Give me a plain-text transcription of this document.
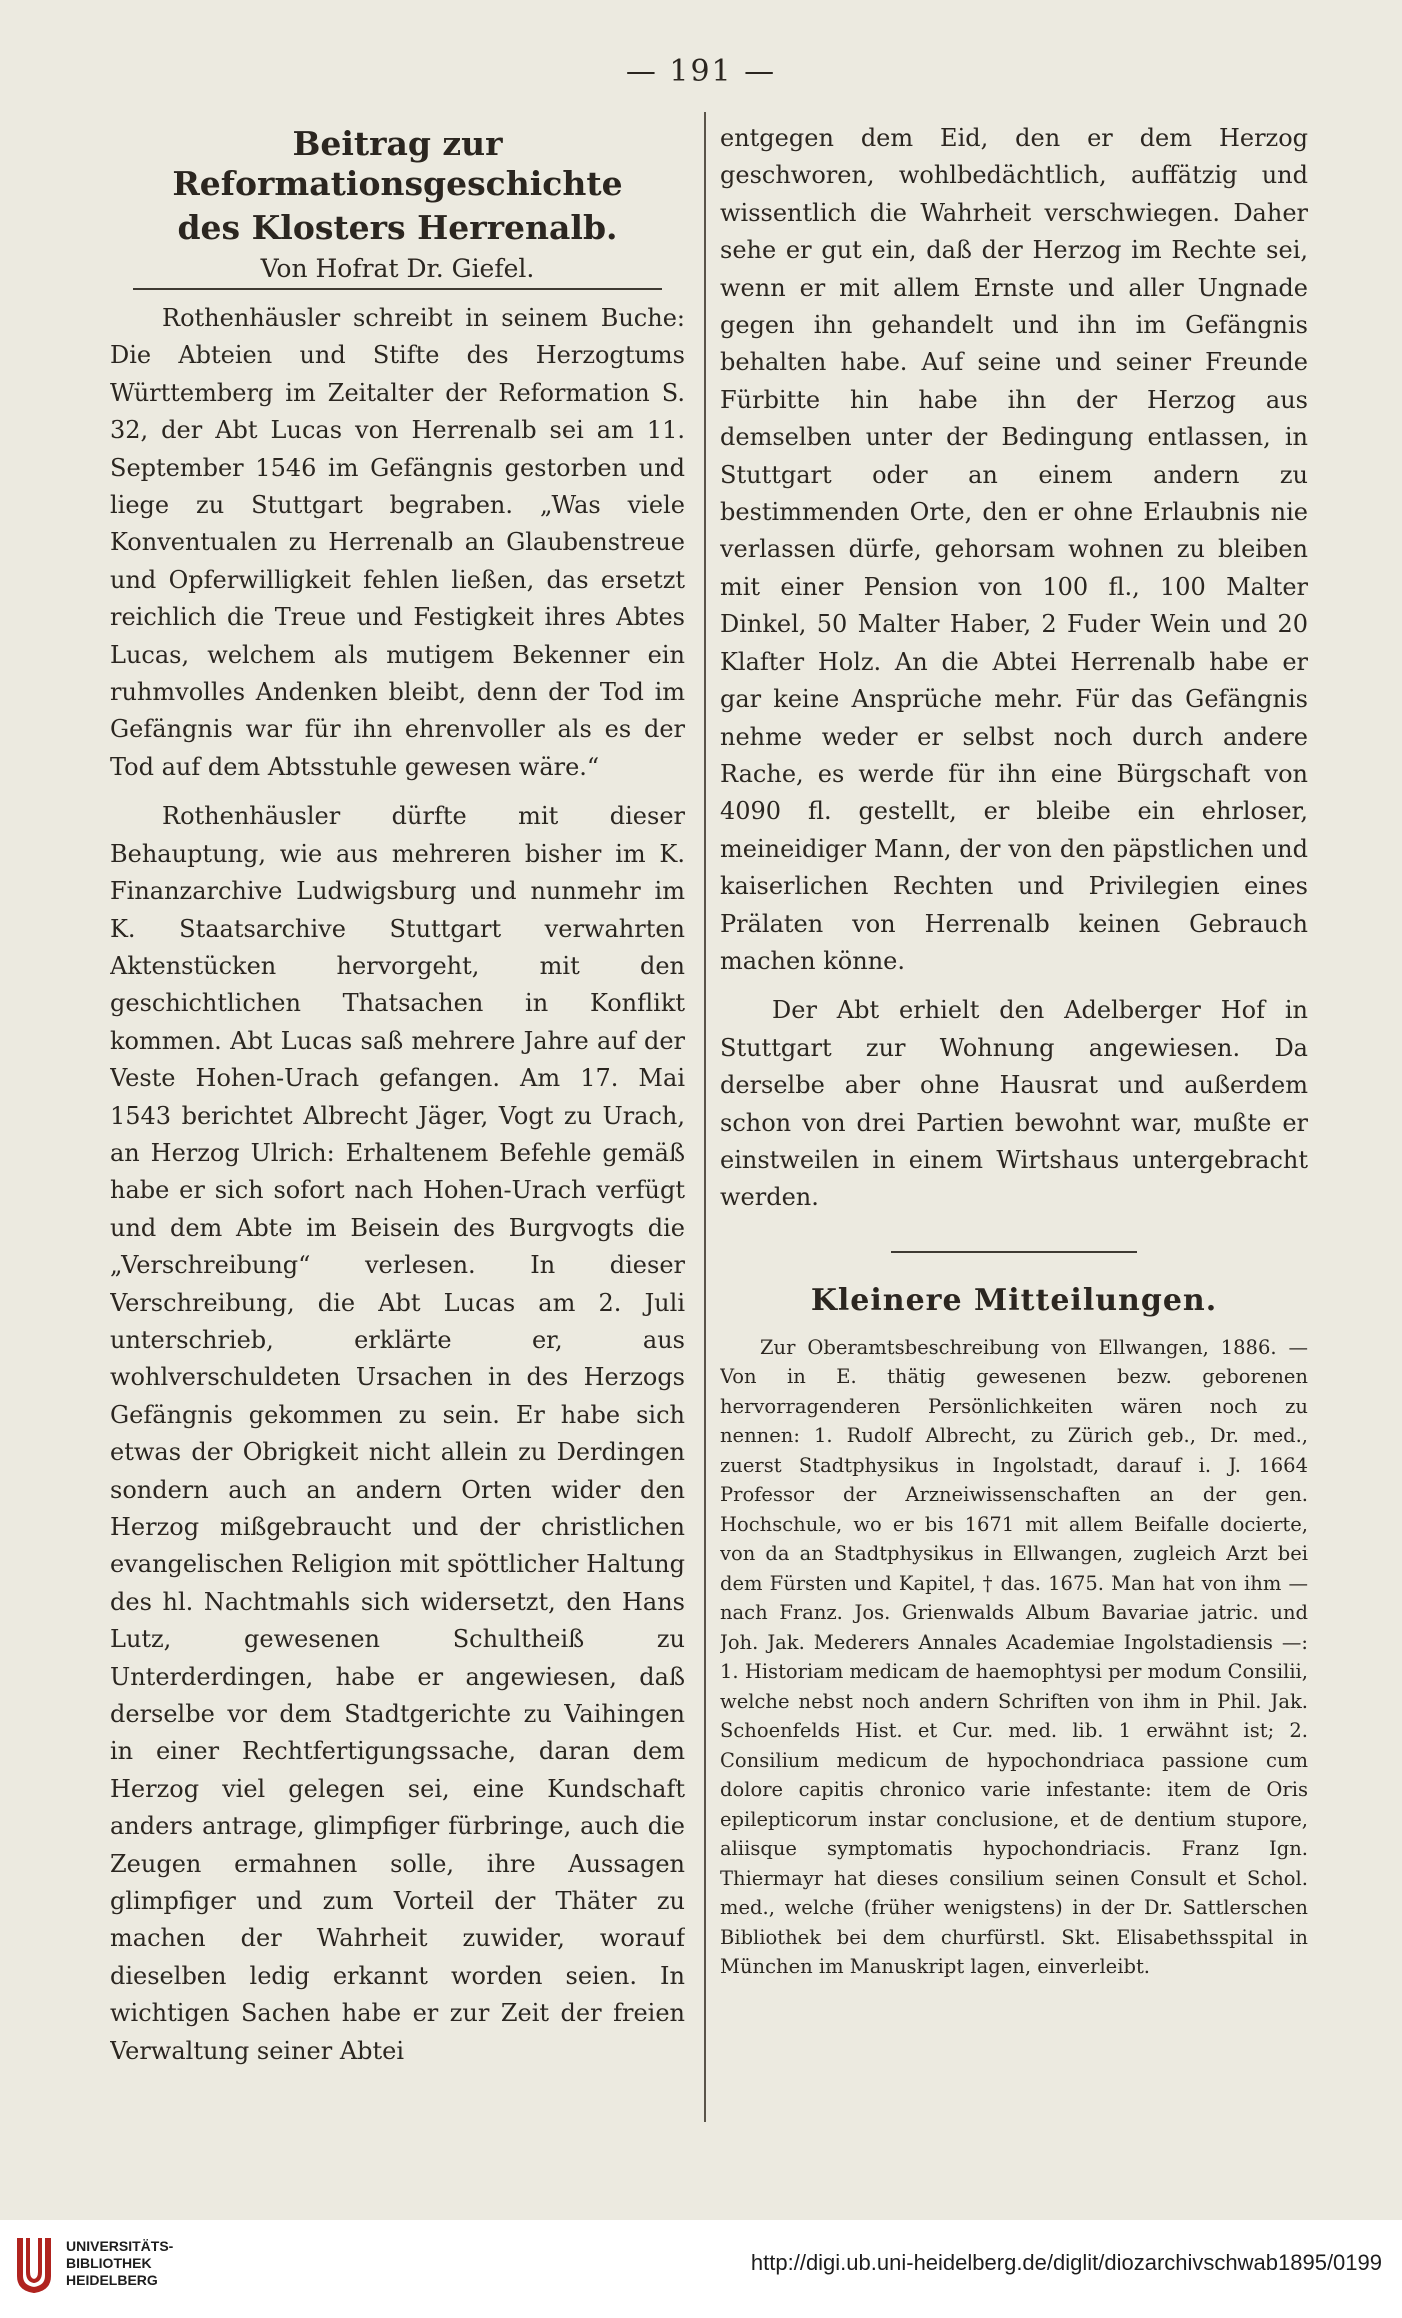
— 191 —
Beitrag zur Reformationsgeschichte
des Klosters Herrenalb.
Von Hofrat Dr. Giefel.

Rothenhäusler schreibt in seinem Buche: Die Abteien und Stifte des Herzogtums Württemberg im Zeitalter der Reformation S. 32, der Abt Lucas von Herrenalb sei am 11. September 1546 im Gefängnis gestorben und liege zu Stuttgart begraben. „Was viele Konventualen zu Herrenalb an Glaubenstreue und Opferwilligkeit fehlen ließen, das ersetzt reichlich die Treue und Festigkeit ihres Abtes Lucas, welchem als mutigem Bekenner ein ruhmvolles Andenken bleibt, denn der Tod im Gefängnis war für ihn ehrenvoller als es der Tod auf dem Abtsstuhle gewesen wäre.“

Rothenhäusler dürfte mit dieser Behauptung, wie aus mehreren bisher im K. Finanzarchive Ludwigsburg und nunmehr im K. Staatsarchive Stuttgart verwahrten Aktenstücken hervorgeht, mit den geschichtlichen Thatsachen in Konflikt kommen. Abt Lucas saß mehrere Jahre auf der Veste Hohen-Urach gefangen. Am 17. Mai 1543 berichtet Albrecht Jäger, Vogt zu Urach, an Herzog Ulrich: Erhaltenem Befehle gemäß habe er sich sofort nach Hohen-Urach verfügt und dem Abte im Beisein des Burgvogts die „Verschreibung“ verlesen. In dieser Verschreibung, die Abt Lucas am 2. Juli unterschrieb, erklärte er, aus wohlverschuldeten Ursachen in des Herzogs Gefängnis gekommen zu sein. Er habe sich etwas der Obrigkeit nicht allein zu Derdingen sondern auch an andern Orten wider den Herzog mißgebraucht und der christlichen evangelischen Religion mit spöttlicher Haltung des hl. Nachtmahls sich widersetzt, den Hans Lutz, gewesenen Schultheiß zu Unterderdingen, habe er angewiesen, daß derselbe vor dem Stadtgerichte zu Vaihingen in einer Rechtfertigungssache, daran dem Herzog viel gelegen sei, eine Kundschaft anders antrage, glimpfiger fürbringe, auch die Zeugen ermahnen solle, ihre Aussagen glimpfiger und zum Vorteil der Thäter zu machen der Wahrheit zuwider, worauf dieselben ledig erkannt worden seien. In wichtigen Sachen habe er zur Zeit der freien Verwaltung seiner Abtei

entgegen dem Eid, den er dem Herzog geschworen, wohlbedächtlich, auffätzig und wissentlich die Wahrheit verschwiegen. Daher sehe er gut ein, daß der Herzog im Rechte sei, wenn er mit allem Ernste und aller Ungnade gegen ihn gehandelt und ihn im Gefängnis behalten habe. Auf seine und seiner Freunde Fürbitte hin habe ihn der Herzog aus demselben unter der Bedingung entlassen, in Stuttgart oder an einem andern zu bestimmenden Orte, den er ohne Erlaubnis nie verlassen dürfe, gehorsam wohnen zu bleiben mit einer Pension von 100 fl., 100 Malter Dinkel, 50 Malter Haber, 2 Fuder Wein und 20 Klafter Holz. An die Abtei Herrenalb habe er gar keine Ansprüche mehr. Für das Gefängnis nehme weder er selbst noch durch andere Rache, es werde für ihn eine Bürgschaft von 4090 fl. gestellt, er bleibe ein ehrloser, meineidiger Mann, der von den päpstlichen und kaiserlichen Rechten und Privilegien eines Prälaten von Herrenalb keinen Gebrauch machen könne.

Der Abt erhielt den Adelberger Hof in Stuttgart zur Wohnung angewiesen. Da derselbe aber ohne Hausrat und außerdem schon von drei Partien bewohnt war, mußte er einstweilen in einem Wirtshaus untergebracht werden.

Kleinere Mitteilungen.

Zur Oberamtsbeschreibung von Ellwangen, 1886. — Von in E. thätig gewesenen bezw. geborenen hervorragenderen Persönlichkeiten wären noch zu nennen: 1. Rudolf Albrecht, zu Zürich geb., Dr. med., zuerst Stadtphysikus in Ingolstadt, darauf i. J. 1664 Professor der Arzneiwissenschaften an der gen. Hochschule, wo er bis 1671 mit allem Beifalle docierte, von da an Stadtphysikus in Ellwangen, zugleich Arzt bei dem Fürsten und Kapitel, † das. 1675. Man hat von ihm — nach Franz. Jos. Grienwalds Album Bavariae jatric. und Joh. Jak. Mederers Annales Academiae Ingolstadiensis —: 1. Historiam medicam de haemophtysi per modum Consilii, welche nebst noch andern Schriften von ihm in Phil. Jak. Schoenfelds Hist. et Cur. med. lib. 1 erwähnt ist; 2. Consilium medicum de hypochondriaca passione cum dolore capitis chronico varie infestante: item de Oris epilepticorum instar conclusione, et de dentium stupore, aliisque symptomatis hypochondriacis. Franz Ign. Thiermayr hat dieses consilium seinen Consult et Schol. med., welche (früher wenigstens) in der Dr. Sattlerschen Bibliothek bei dem churfürstl. Skt. Elisabethsspital in München im Manuskript lagen, einverleibt.

UNIVERSITÄTS-
BIBLIOTHEK
HEIDELBERG
http://digi.ub.uni-heidelberg.de/diglit/diozarchivschwab1895/0199
